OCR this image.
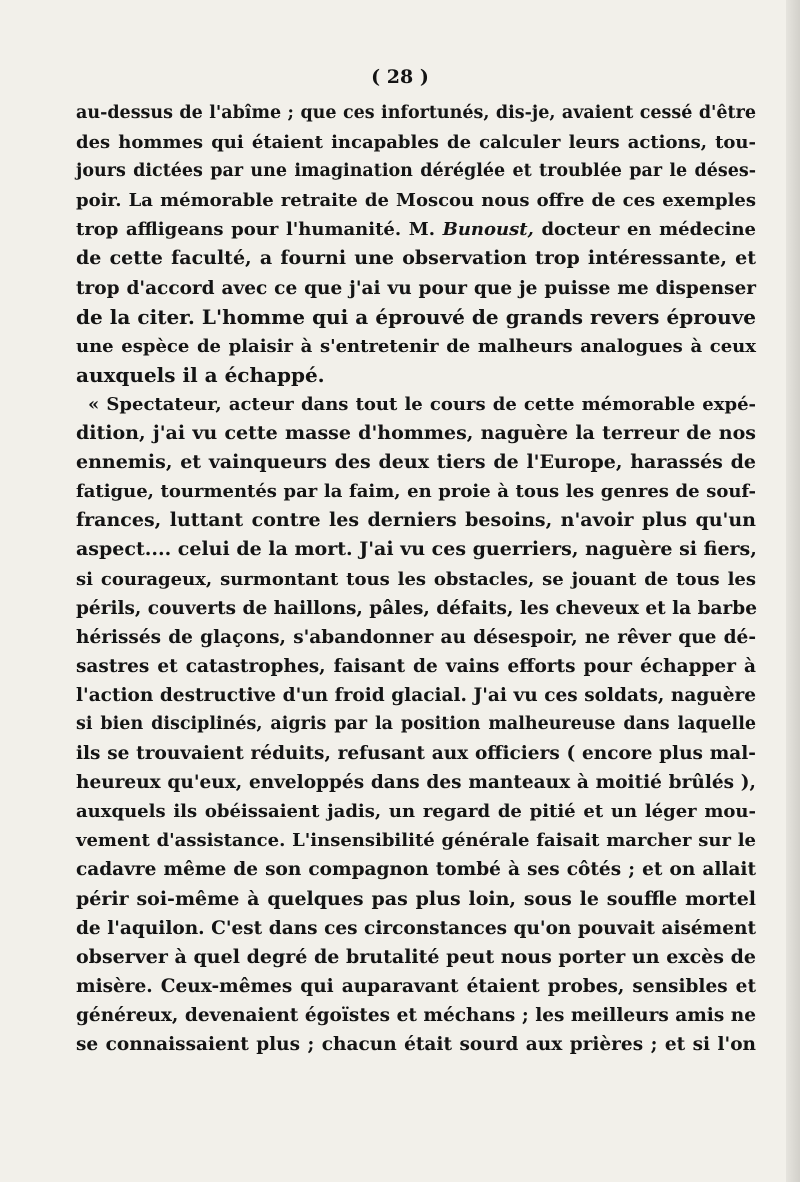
( 28 )
au-dessus de l'abîme ; que ces infortunés, dis-je, avaient cessé d'être
des hommes qui étaient incapables de calculer leurs actions, tou-
jours dictées par une imagination déréglée et troublée par le déses-
poir. La mémorable retraite de Moscou nous offre de ces exemples
trop affligeans pour l'humanité. M. Bunoust, docteur en médecine
de cette faculté, a fourni une observation trop intéressante, et
trop d'accord avec ce que j'ai vu pour que je puisse me dispenser
de la citer. L'homme qui a éprouvé de grands revers éprouve
une espèce de plaisir à s'entretenir de malheurs analogues à ceux
auxquels il a échappé.
« Spectateur, acteur dans tout le cours de cette mémorable expé-
dition, j'ai vu cette masse d'hommes, naguère la terreur de nos
ennemis, et vainqueurs des deux tiers de l'Europe, harassés de
fatigue, tourmentés par la faim, en proie à tous les genres de souf-
frances, luttant contre les derniers besoins, n'avoir plus qu'un
aspect.... celui de la mort. J'ai vu ces guerriers, naguère si fiers,
si courageux, surmontant tous les obstacles, se jouant de tous les
périls, couverts de haillons, pâles, défaits, les cheveux et la barbe
hérissés de glaçons, s'abandonner au désespoir, ne rêver que dé-
sastres et catastrophes, faisant de vains efforts pour échapper à
l'action destructive d'un froid glacial. J'ai vu ces soldats, naguère
si bien disciplinés, aigris par la position malheureuse dans laquelle
ils se trouvaient réduits, refusant aux officiers ( encore plus mal-
heureux qu'eux, enveloppés dans des manteaux à moitié brûlés ),
auxquels ils obéissaient jadis, un regard de pitié et un léger mou-
vement d'assistance. L'insensibilité générale faisait marcher sur le
cadavre même de son compagnon tombé à ses côtés ; et on allait
périr soi-même à quelques pas plus loin, sous le souffle mortel
de l'aquilon. C'est dans ces circonstances qu'on pouvait aisément
observer à quel degré de brutalité peut nous porter un excès de
misère. Ceux-mêmes qui auparavant étaient probes, sensibles et
généreux, devenaient égoïstes et méchans ; les meilleurs amis ne
se connaissaient plus ; chacun était sourd aux prières ; et si l'on
